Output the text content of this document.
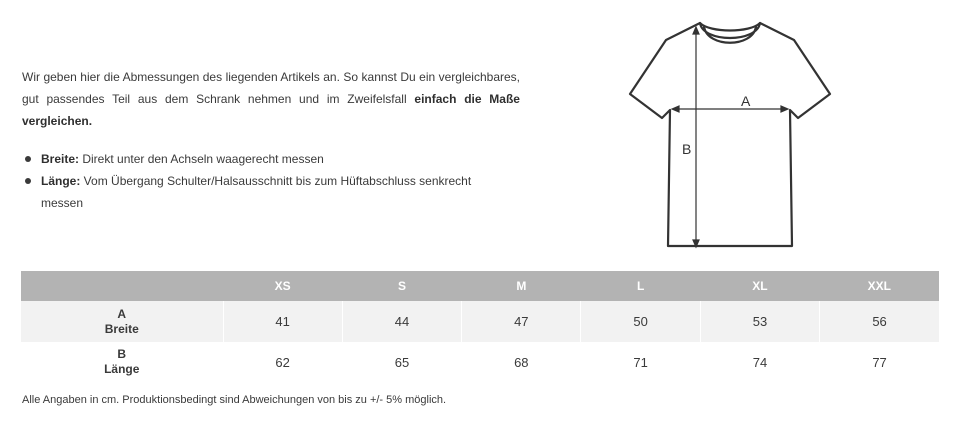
Wir geben hier die Abmessungen des liegenden Artikels an. So kannst Du ein vergleichbares, gut passendes Teil aus dem Schrank nehmen und im Zweifelsfall einfach die Maße vergleichen.

Breite: Direkt unter den Achseln waagerecht messen
Länge: Vom Übergang Schulter/Halsausschnitt bis zum Hüftabschluss senkrecht messen
A
B
	XS	S	M	L	XL	XXL

A
Breite	41	44	47	50	53	56

B
Länge	62	65	68	71	74	77

Alle Angaben in cm. Produktionsbedingt sind Abweichungen von bis zu +/- 5% möglich.
